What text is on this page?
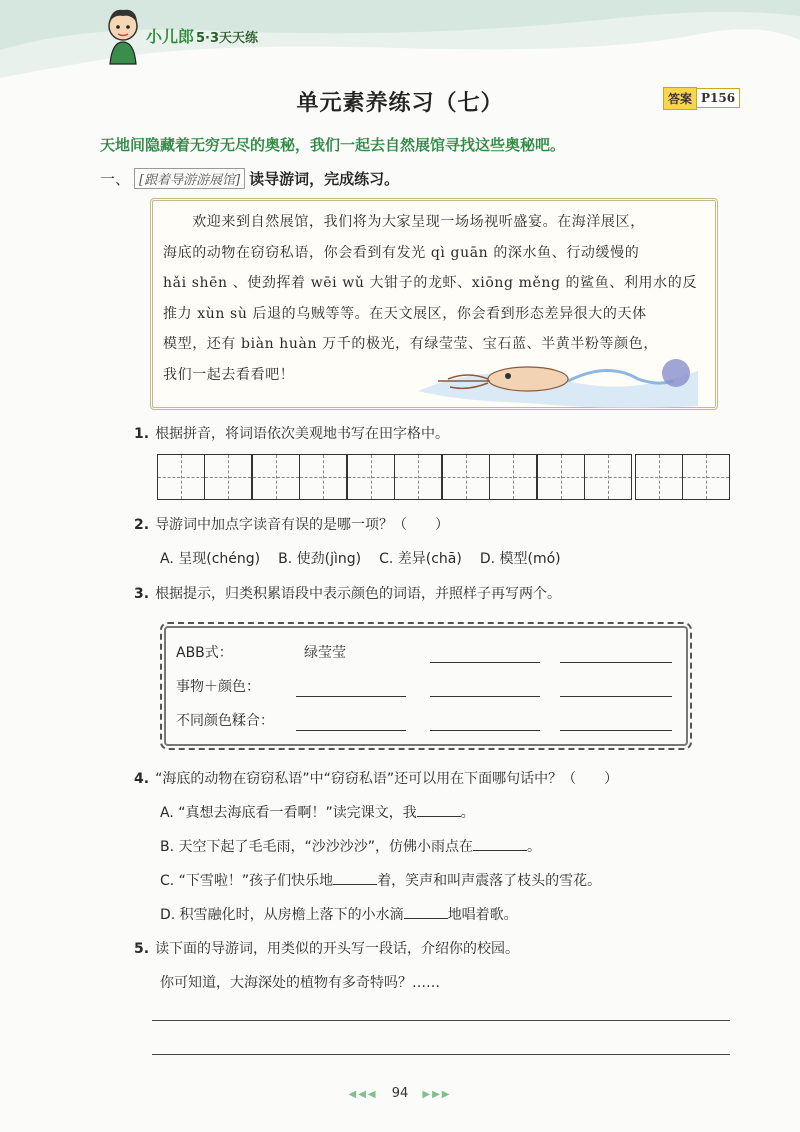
小儿郎 5·3天天练
单元素养练习（七）	答案 P156
天地间隐藏着无穷无尽的奥秘，我们一起去自然展馆寻找这些奥秘吧。
一、 [跟着导游游展馆] 读导游词，完成练习。
　　欢迎来到自然展馆，我们将为大家呈现一场场视听盛宴。在海洋展区，
海底的动物在窃窃私语，你会看到有发光 qì guān 的深水鱼、行动缓慢的
hǎi shēn 、使劲挥着 wēi wǔ 大钳子的龙虾、xiōng měng 的鲨鱼、利用水的反
推力 xùn sù 后退的乌贼等等。在天文展区，你会看到形态差异很大的天体
模型，还有 biàn huàn 万千的极光，有绿莹莹、宝石蓝、半黄半粉等颜色，
我们一起去看看吧！
1. 根据拼音，将词语依次美观地书写在田字格中。
2. 导游词中加点字读音有误的是哪一项？（　　）
A. 呈现(chéng) B. 使劲(jìng) C. 差异(chā) D. 模型(mó)
3. 根据提示，归类积累语段中表示颜色的词语，并照样子再写两个。
ABB式：	绿莹莹
事物＋颜色：
不同颜色糅合：
4. “海底的动物在窃窃私语”中“窃窃私语”还可以用在下面哪句话中？（　　）
A. “真想去海底看一看啊！”读完课文，我	。
B. 天空下起了毛毛雨，“沙沙沙沙”，仿佛小雨点在	。
C. “下雪啦！”孩子们快乐地	着，笑声和叫声震落了枝头的雪花。
D. 积雪融化时，从房檐上落下的小水滴	地唱着歌。
5. 读下面的导游词，用类似的开头写一段话，介绍你的校园。
你可知道，大海深处的植物有多奇特吗？……
◀◀◀ 94 ▶▶▶
